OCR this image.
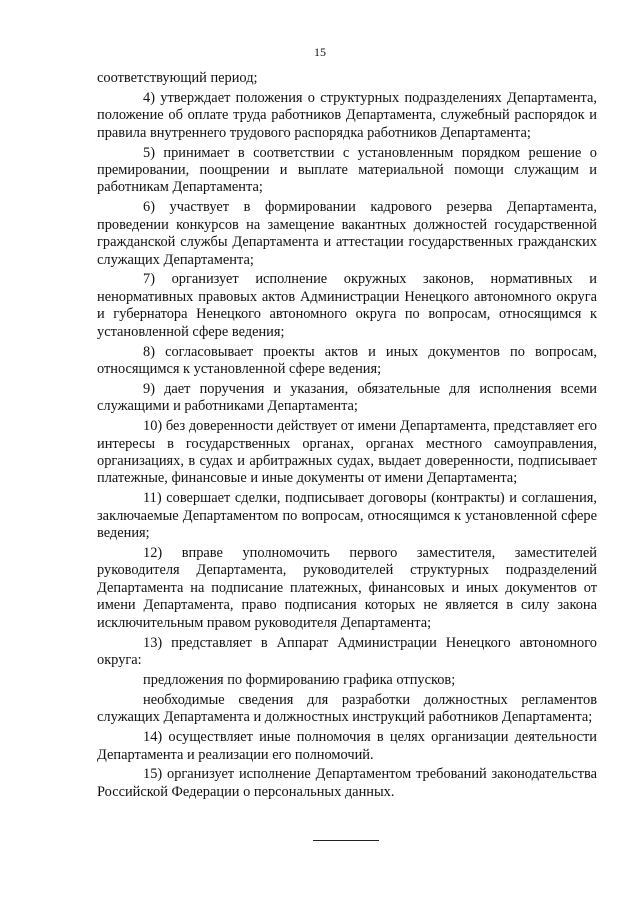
15

соответствующий период;

4) утверждает положения о структурных подразделениях Департамента, положение об оплате труда работников Департамента, служебный распорядок и правила внутреннего трудового распорядка работников Департамента;

5) принимает в соответствии с установленным порядком решение о премировании, поощрении и выплате материальной помощи служащим и работникам Департамента;

6) участвует в формировании кадрового резерва Департамента, проведении конкурсов на замещение вакантных должностей государственной гражданской службы Департамента и аттестации государственных гражданских служащих Департамента;

7) организует исполнение окружных законов, нормативных и ненормативных правовых актов Администрации Ненецкого автономного округа и губернатора Ненецкого автономного округа по вопросам, относящимся к установленной сфере ведения;

8) согласовывает проекты актов и иных документов по вопросам, относящимся к установленной сфере ведения;

9) дает поручения и указания, обязательные для исполнения всеми служащими и работниками Департамента;

10) без доверенности действует от имени Департамента, представляет его интересы в государственных органах, органах местного самоуправления, организациях, в судах и арбитражных судах, выдает доверенности, подписывает платежные, финансовые и иные документы от имени Департамента;

11) совершает сделки, подписывает договоры (контракты) и соглашения, заключаемые Департаментом по вопросам, относящимся к установленной сфере ведения;

12) вправе уполномочить первого заместителя, заместителей руководителя Департамента, руководителей структурных подразделений Департамента на подписание платежных, финансовых и иных документов от имени Департамента, право подписания которых не является в силу закона исключительным правом руководителя Департамента;

13) представляет в Аппарат Администрации Ненецкого автономного округа:

предложения по формированию графика отпусков;

необходимые сведения для разработки должностных регламентов служащих Департамента и должностных инструкций работников Департамента;

14) осуществляет иные полномочия в целях организации деятельности Департамента и реализации его полномочий.

15) организует исполнение Департаментом требований законодательства Российской Федерации о персональных данных.
